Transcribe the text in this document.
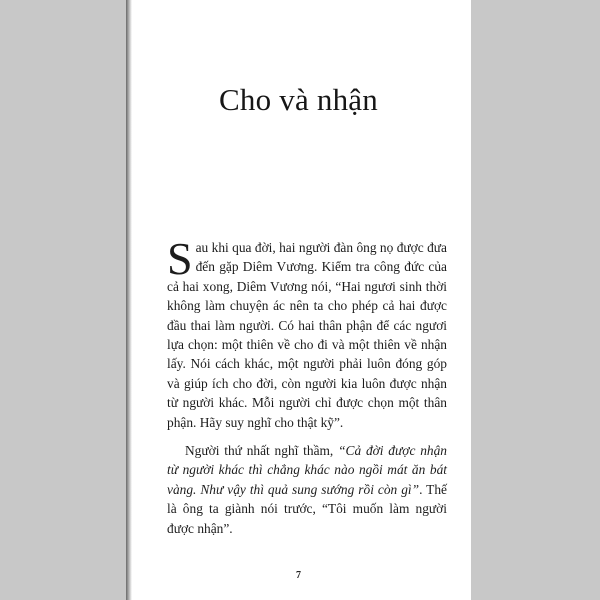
Cho và nhận

Sau khi qua đời, hai người đàn ông nọ được đưa đến gặp Diêm Vương. Kiểm tra công đức của cả hai xong, Diêm Vương nói, “Hai ngươi sinh thời không làm chuyện ác nên ta cho phép cả hai được đầu thai làm người. Có hai thân phận để các ngươi lựa chọn: một thiên về cho đi và một thiên về nhận lấy. Nói cách khác, một người phải luôn đóng góp và giúp ích cho đời, còn người kia luôn được nhận từ người khác. Mỗi người chỉ được chọn một thân phận. Hãy suy nghĩ cho thật kỹ”.

Người thứ nhất nghĩ thầm, “Cả đời được nhận từ người khác thì chẳng khác nào ngồi mát ăn bát vàng. Như vậy thì quả sung sướng rồi còn gì”. Thế là ông ta giành nói trước, “Tôi muốn làm người được nhận”.

7
